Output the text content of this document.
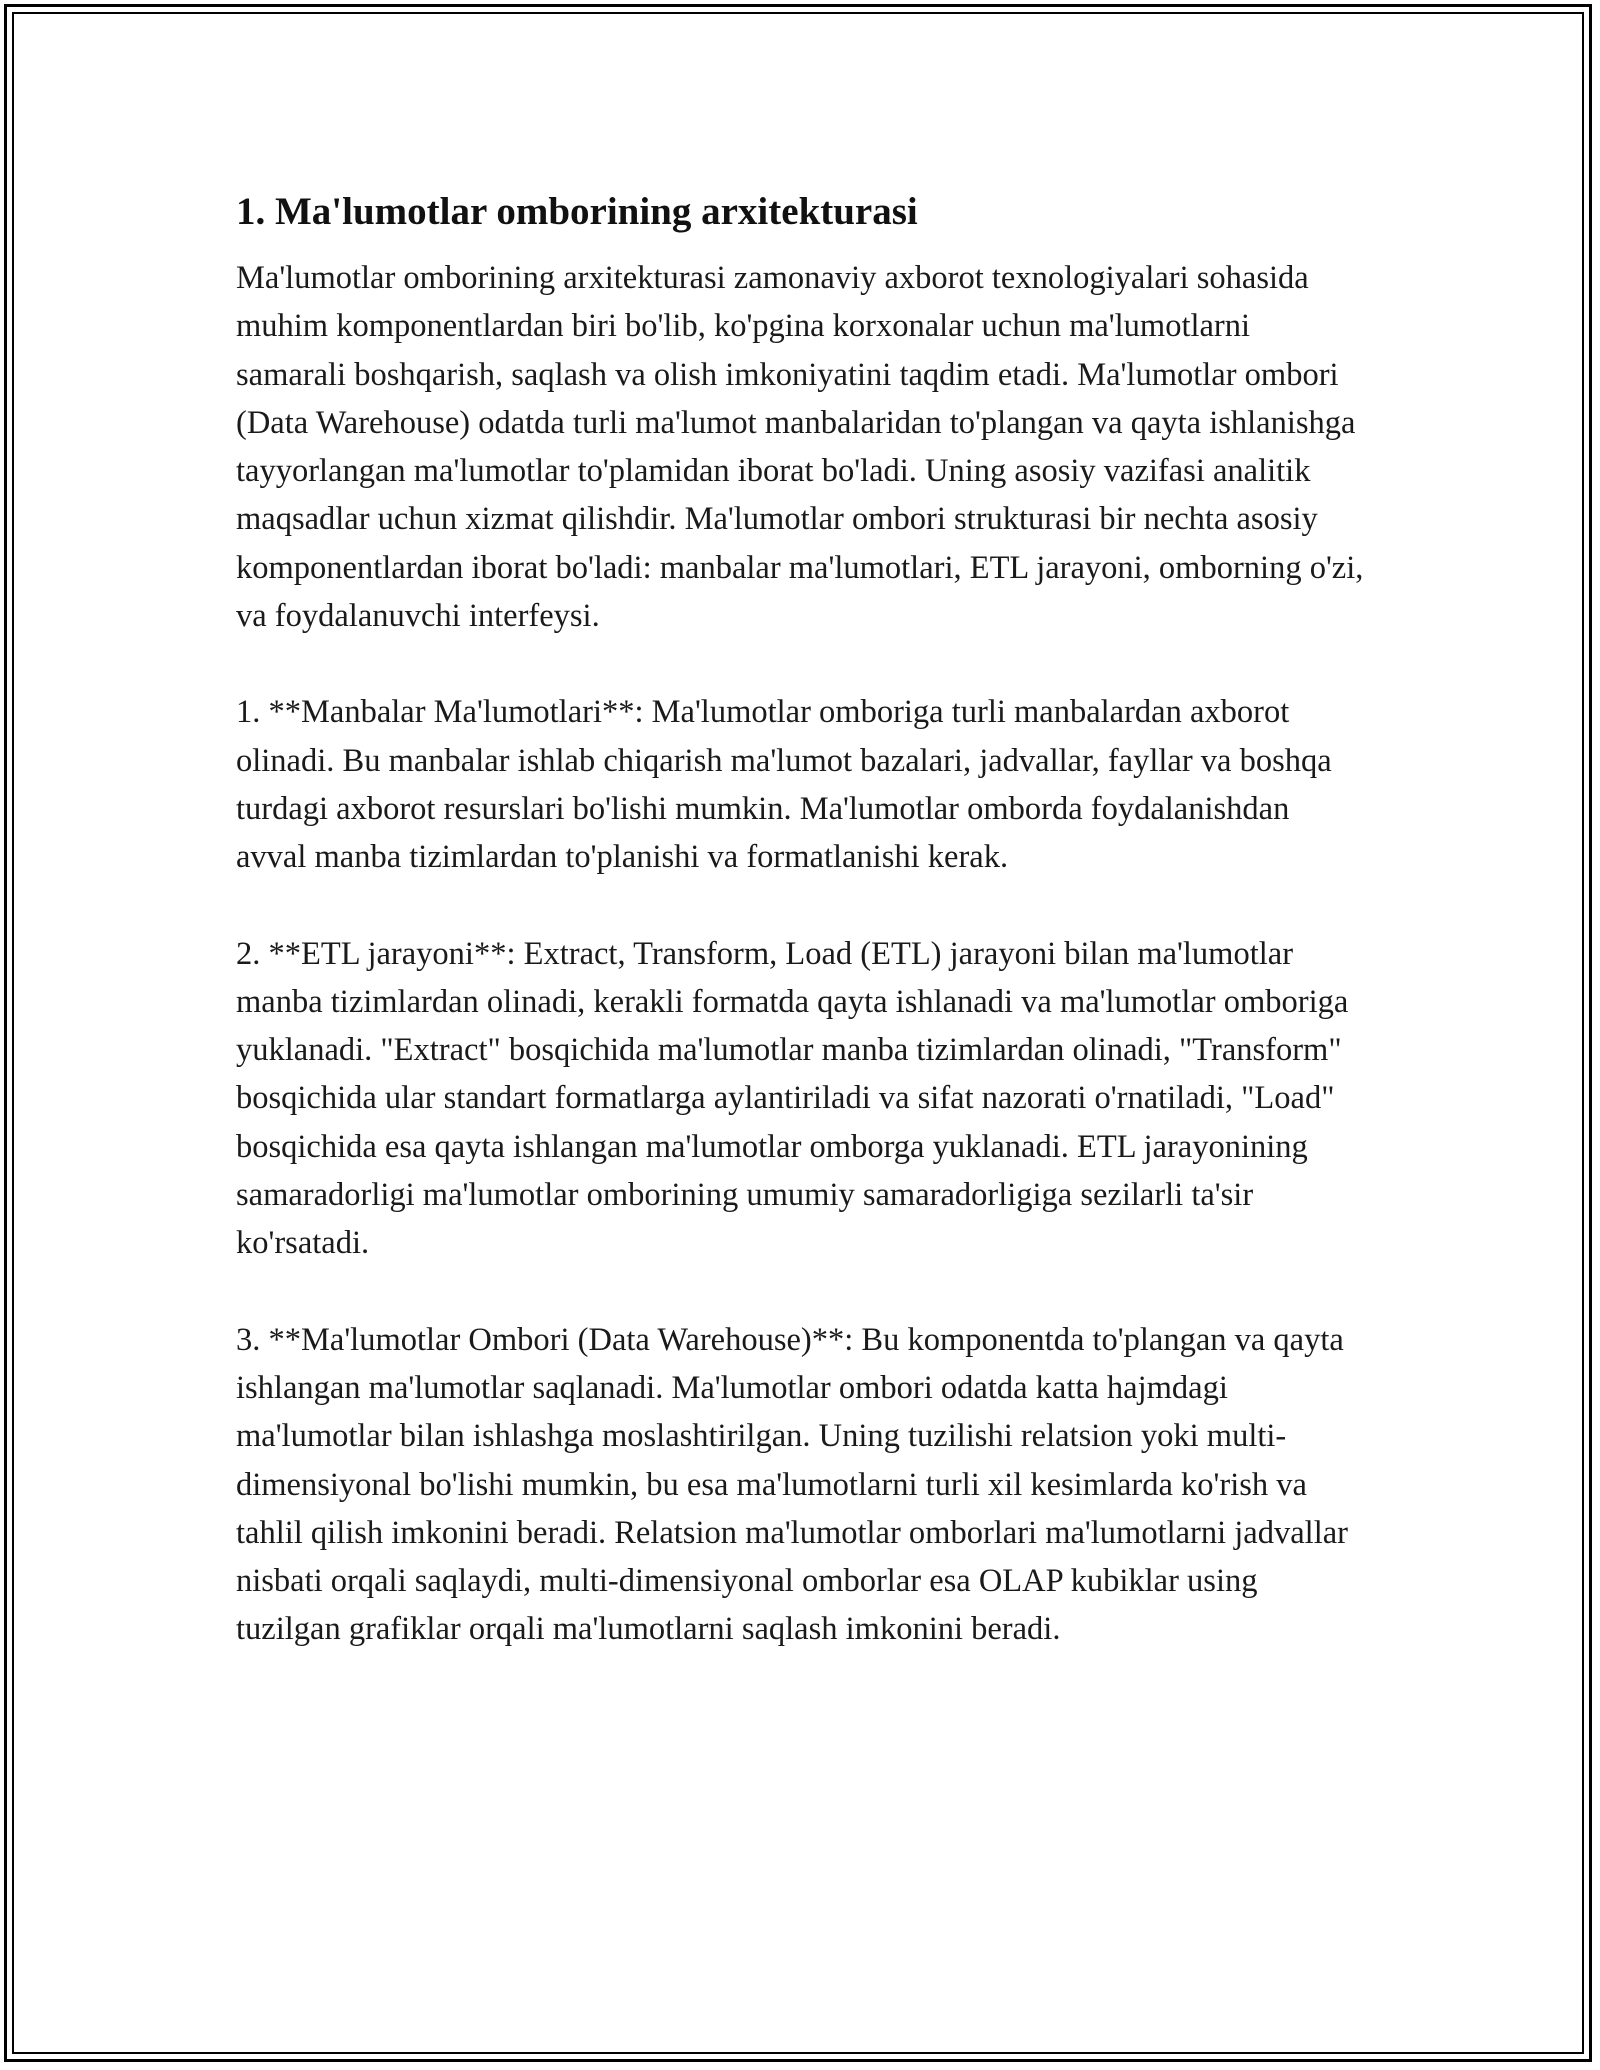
1. Ma'lumotlar omborining arxitekturasi

Ma'lumotlar omborining arxitekturasi zamonaviy axborot texnologiyalari sohasida muhim komponentlardan biri bo'lib, ko'pgina korxonalar uchun ma'lumotlarni samarali boshqarish, saqlash va olish imkoniyatini taqdim etadi. Ma'lumotlar ombori (Data Warehouse) odatda turli ma'lumot manbalaridan to'plangan va qayta ishlanishga tayyorlangan ma'lumotlar to'plamidan iborat bo'ladi. Uning asosiy vazifasi analitik maqsadlar uchun xizmat qilishdir. Ma'lumotlar ombori strukturasi bir nechta asosiy komponentlardan iborat bo'ladi: manbalar ma'lumotlari, ETL jarayoni, omborning o'zi, va foydalanuvchi interfeysi.

1. **Manbalar Ma'lumotlari**: Ma'lumotlar omboriga turli manbalardan axborot olinadi. Bu manbalar ishlab chiqarish ma'lumot bazalari, jadvallar, fayllar va boshqa turdagi axborot resurslari bo'lishi mumkin. Ma'lumotlar omborda foydalanishdan avval manba tizimlardan to'planishi va formatlanishi kerak.

2. **ETL jarayoni**: Extract, Transform, Load (ETL) jarayoni bilan ma'lumotlar manba tizimlardan olinadi, kerakli formatda qayta ishlanadi va ma'lumotlar omboriga yuklanadi. "Extract" bosqichida ma'lumotlar manba tizimlardan olinadi, "Transform" bosqichida ular standart formatlarga aylantiriladi va sifat nazorati o'rnatiladi, "Load" bosqichida esa qayta ishlangan ma'lumotlar omborga yuklanadi. ETL jarayonining samaradorligi ma'lumotlar omborining umumiy samaradorligiga sezilarli ta'sir ko'rsatadi.

3. **Ma'lumotlar Ombori (Data Warehouse)**: Bu komponentda to'plangan va qayta ishlangan ma'lumotlar saqlanadi. Ma'lumotlar ombori odatda katta hajmdagi ma'lumotlar bilan ishlashga moslashtirilgan. Uning tuzilishi relatsion yoki multi-dimensiyonal bo'lishi mumkin, bu esa ma'lumotlarni turli xil kesimlarda ko'rish va tahlil qilish imkonini beradi. Relatsion ma'lumotlar omborlari ma'lumotlarni jadvallar nisbati orqali saqlaydi, multi-dimensiyonal omborlar esa OLAP kubiklar using tuzilgan grafiklar orqali ma'lumotlarni saqlash imkonini beradi.
